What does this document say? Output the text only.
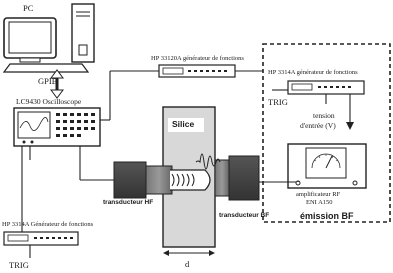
PC
GPIB
LC9430 Oscilloscope
HP 33120A générateur de fonctions
HP 3314A générateur de fonctions
TRIG
tension
d'entrée (V)
Silice
transducteur HF
transducteur BF
amplificateur RF
ENI A150
émission BF
HP 3314A Générateur de fonctions
TRIG	d
